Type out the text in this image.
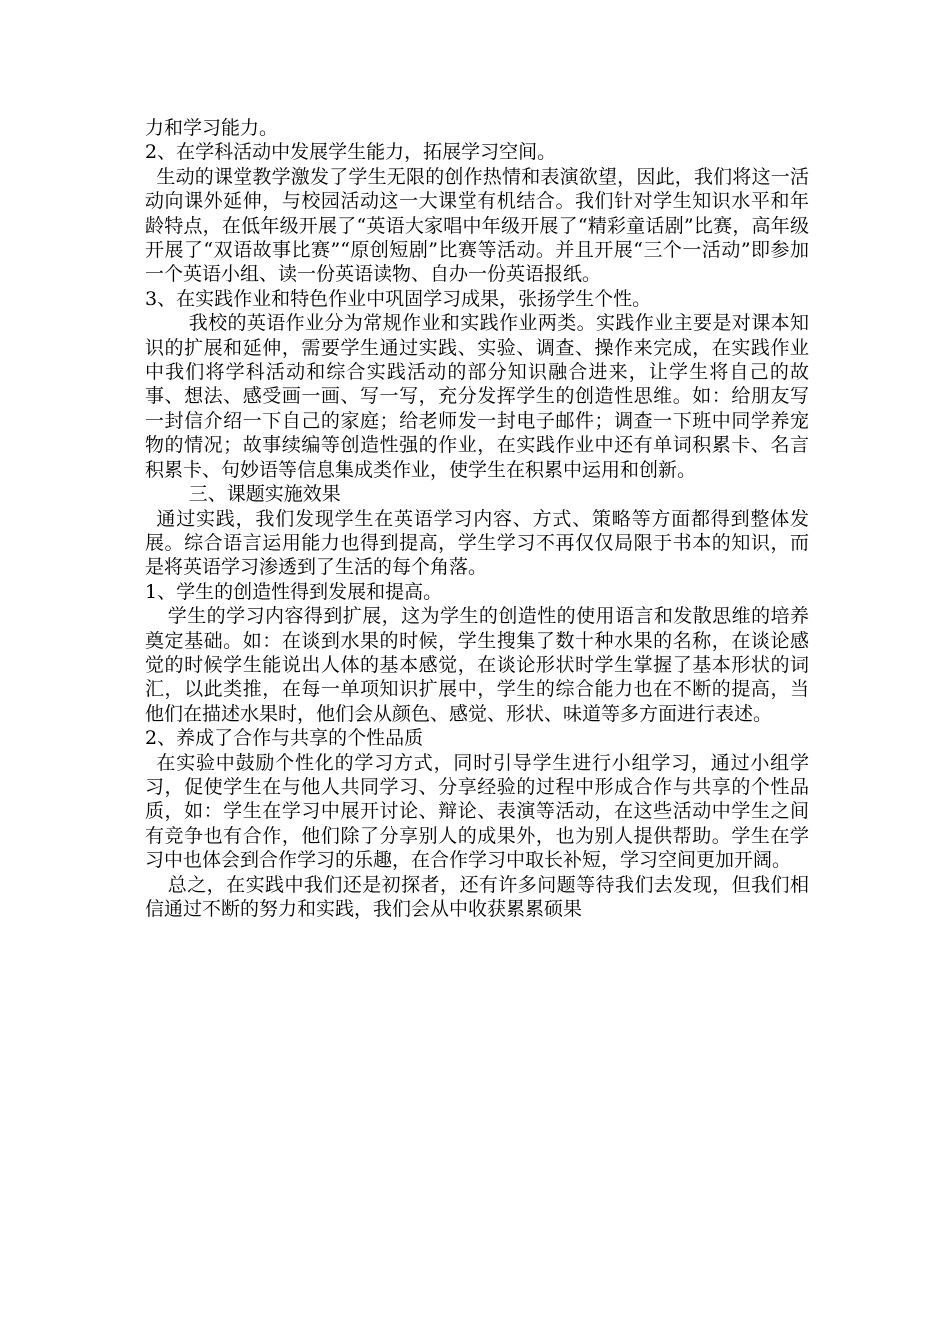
力和学习能力。

2、在学科活动中发展学生能力，拓展学习空间。

生动的课堂教学激发了学生无限的创作热情和表演欲望，因此，我们将这一活动向课外延伸，与校园活动这一大课堂有机结合。我们针对学生知识水平和年龄特点，在低年级开展了“英语大家唱中年级开展了“精彩童话剧”比赛，高年级开展了“双语故事比赛”“原创短剧”比赛等活动。并且开展“三个一活动”即参加一个英语小组、读一份英语读物、自办一份英语报纸。

3、在实践作业和特色作业中巩固学习成果，张扬学生个性。

我校的英语作业分为常规作业和实践作业两类。实践作业主要是对课本知识的扩展和延伸，需要学生通过实践、实验、调查、操作来完成，在实践作业中我们将学科活动和综合实践活动的部分知识融合进来，让学生将自己的故事、想法、感受画一画、写一写，充分发挥学生的创造性思维。如：给朋友写一封信介绍一下自己的家庭；给老师发一封电子邮件；调查一下班中同学养宠物的情况；故事续编等创造性强的作业，在实践作业中还有单词积累卡、名言积累卡、句妙语等信息集成类作业，使学生在积累中运用和创新。

三、课题实施效果

通过实践，我们发现学生在英语学习内容、方式、策略等方面都得到整体发展。综合语言运用能力也得到提高，学生学习不再仅仅局限于书本的知识，而是将英语学习渗透到了生活的每个角落。

1、学生的创造性得到发展和提高。

学生的学习内容得到扩展，这为学生的创造性的使用语言和发散思维的培养奠定基础。如：在谈到水果的时候，学生搜集了数十种水果的名称，在谈论感觉的时候学生能说出人体的基本感觉，在谈论形状时学生掌握了基本形状的词汇，以此类推，在每一单项知识扩展中，学生的综合能力也在不断的提高，当他们在描述水果时，他们会从颜色、感觉、形状、味道等多方面进行表述。

2、养成了合作与共享的个性品质

在实验中鼓励个性化的学习方式，同时引导学生进行小组学习，通过小组学习，促使学生在与他人共同学习、分享经验的过程中形成合作与共享的个性品质，如：学生在学习中展开讨论、辩论、表演等活动，在这些活动中学生之间有竞争也有合作，他们除了分享别人的成果外，也为别人提供帮助。学生在学习中也体会到合作学习的乐趣，在合作学习中取长补短，学习空间更加开阔。

总之，在实践中我们还是初探者，还有许多问题等待我们去发现，但我们相信通过不断的努力和实践，我们会从中收获累累硕果
